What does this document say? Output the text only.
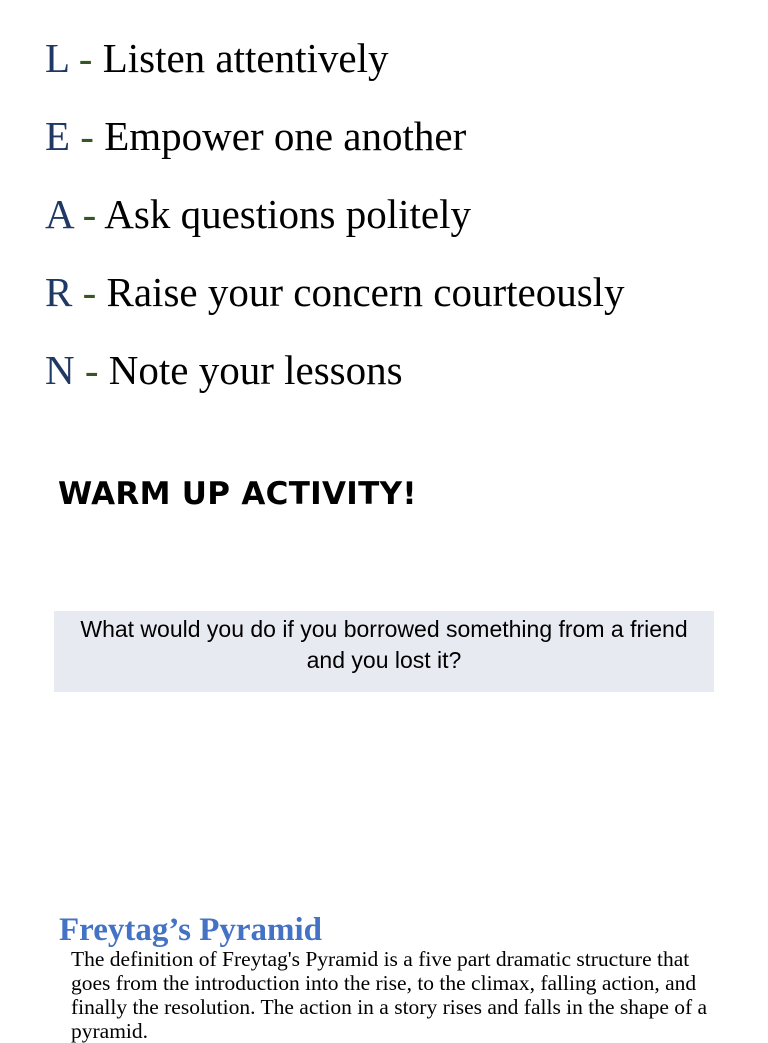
L - Listen attentively
E - Empower one another
A - Ask questions politely
R - Raise your concern courteously
N - Note your lessons
WARM UP ACTIVITY!
What would you do if you borrowed something from a friend and you lost it?
Freytag’s Pyramid

The definition of Freytag's Pyramid is a five part dramatic structure that goes from the introduction into the rise, to the climax, falling action, and finally the resolution. The action in a story rises and falls in the shape of a pyramid.
